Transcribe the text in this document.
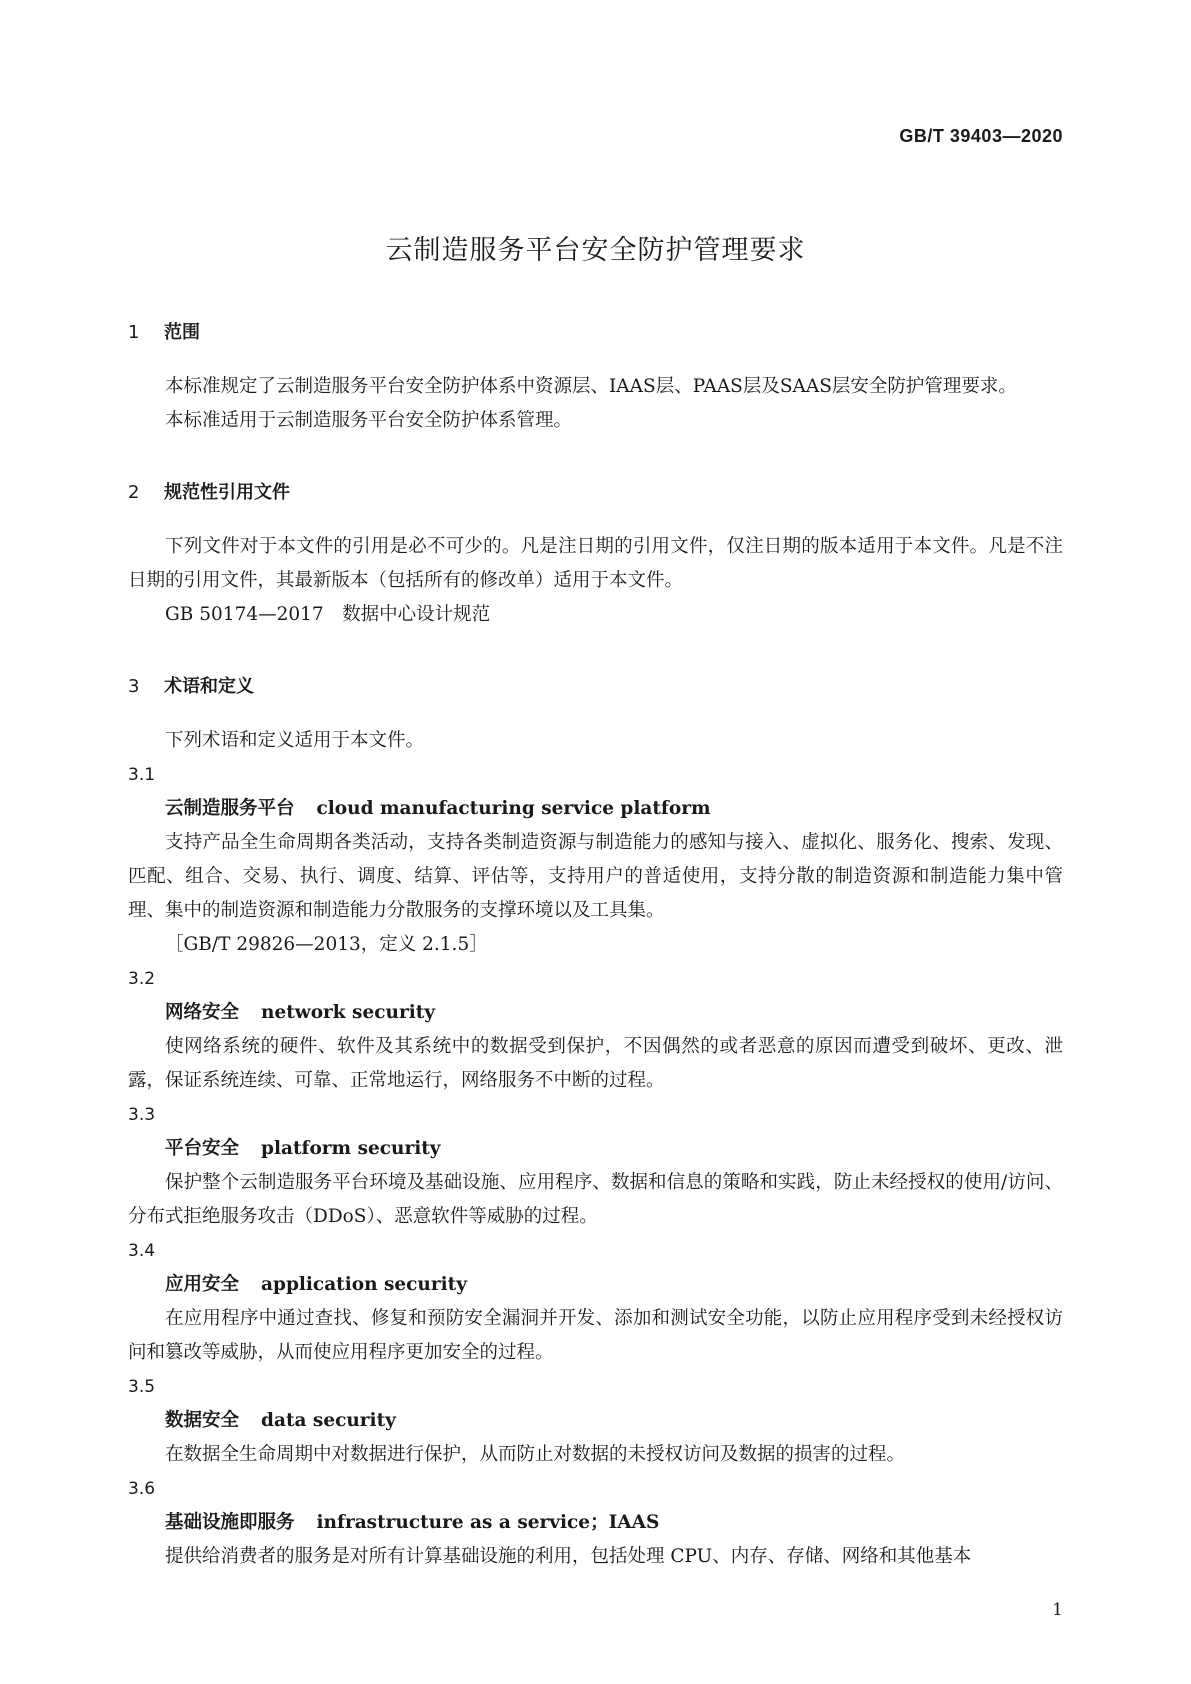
GB/T 39403—2020
云制造服务平台安全防护管理要求
1 范围

本标准规定了云制造服务平台安全防护体系中资源层、IAAS层、PAAS层及SAAS层安全防护管理要求。

本标准适用于云制造服务平台安全防护体系管理。

2 规范性引用文件

下列文件对于本文件的引用是必不可少的。凡是注日期的引用文件，仅注日期的版本适用于本文件。凡是不注日期的引用文件，其最新版本（包括所有的修改单）适用于本文件。

GB 50174—2017　数据中心设计规范

3 术语和定义

下列术语和定义适用于本文件。

3.1

云制造服务平台 cloud manufacturing service platform

支持产品全生命周期各类活动，支持各类制造资源与制造能力的感知与接入、虚拟化、服务化、搜索、发现、匹配、组合、交易、执行、调度、结算、评估等，支持用户的普适使用，支持分散的制造资源和制造能力集中管理、集中的制造资源和制造能力分散服务的支撑环境以及工具集。

［GB/T 29826—2013，定义 2.1.5］

3.2

网络安全 network security

使网络系统的硬件、软件及其系统中的数据受到保护，不因偶然的或者恶意的原因而遭受到破坏、更改、泄露，保证系统连续、可靠、正常地运行，网络服务不中断的过程。

3.3

平台安全 platform security

保护整个云制造服务平台环境及基础设施、应用程序、数据和信息的策略和实践，防止未经授权的使用/访问、分布式拒绝服务攻击（DDoS）、恶意软件等威胁的过程。

3.4

应用安全 application security

在应用程序中通过查找、修复和预防安全漏洞并开发、添加和测试安全功能，以防止应用程序受到未经授权访问和篡改等威胁，从而使应用程序更加安全的过程。

3.5

数据安全 data security

在数据全生命周期中对数据进行保护，从而防止对数据的未授权访问及数据的损害的过程。

3.6

基础设施即服务 infrastructure as a service；IAAS

提供给消费者的服务是对所有计算基础设施的利用，包括处理 CPU、内存、存储、网络和其他基本

1
